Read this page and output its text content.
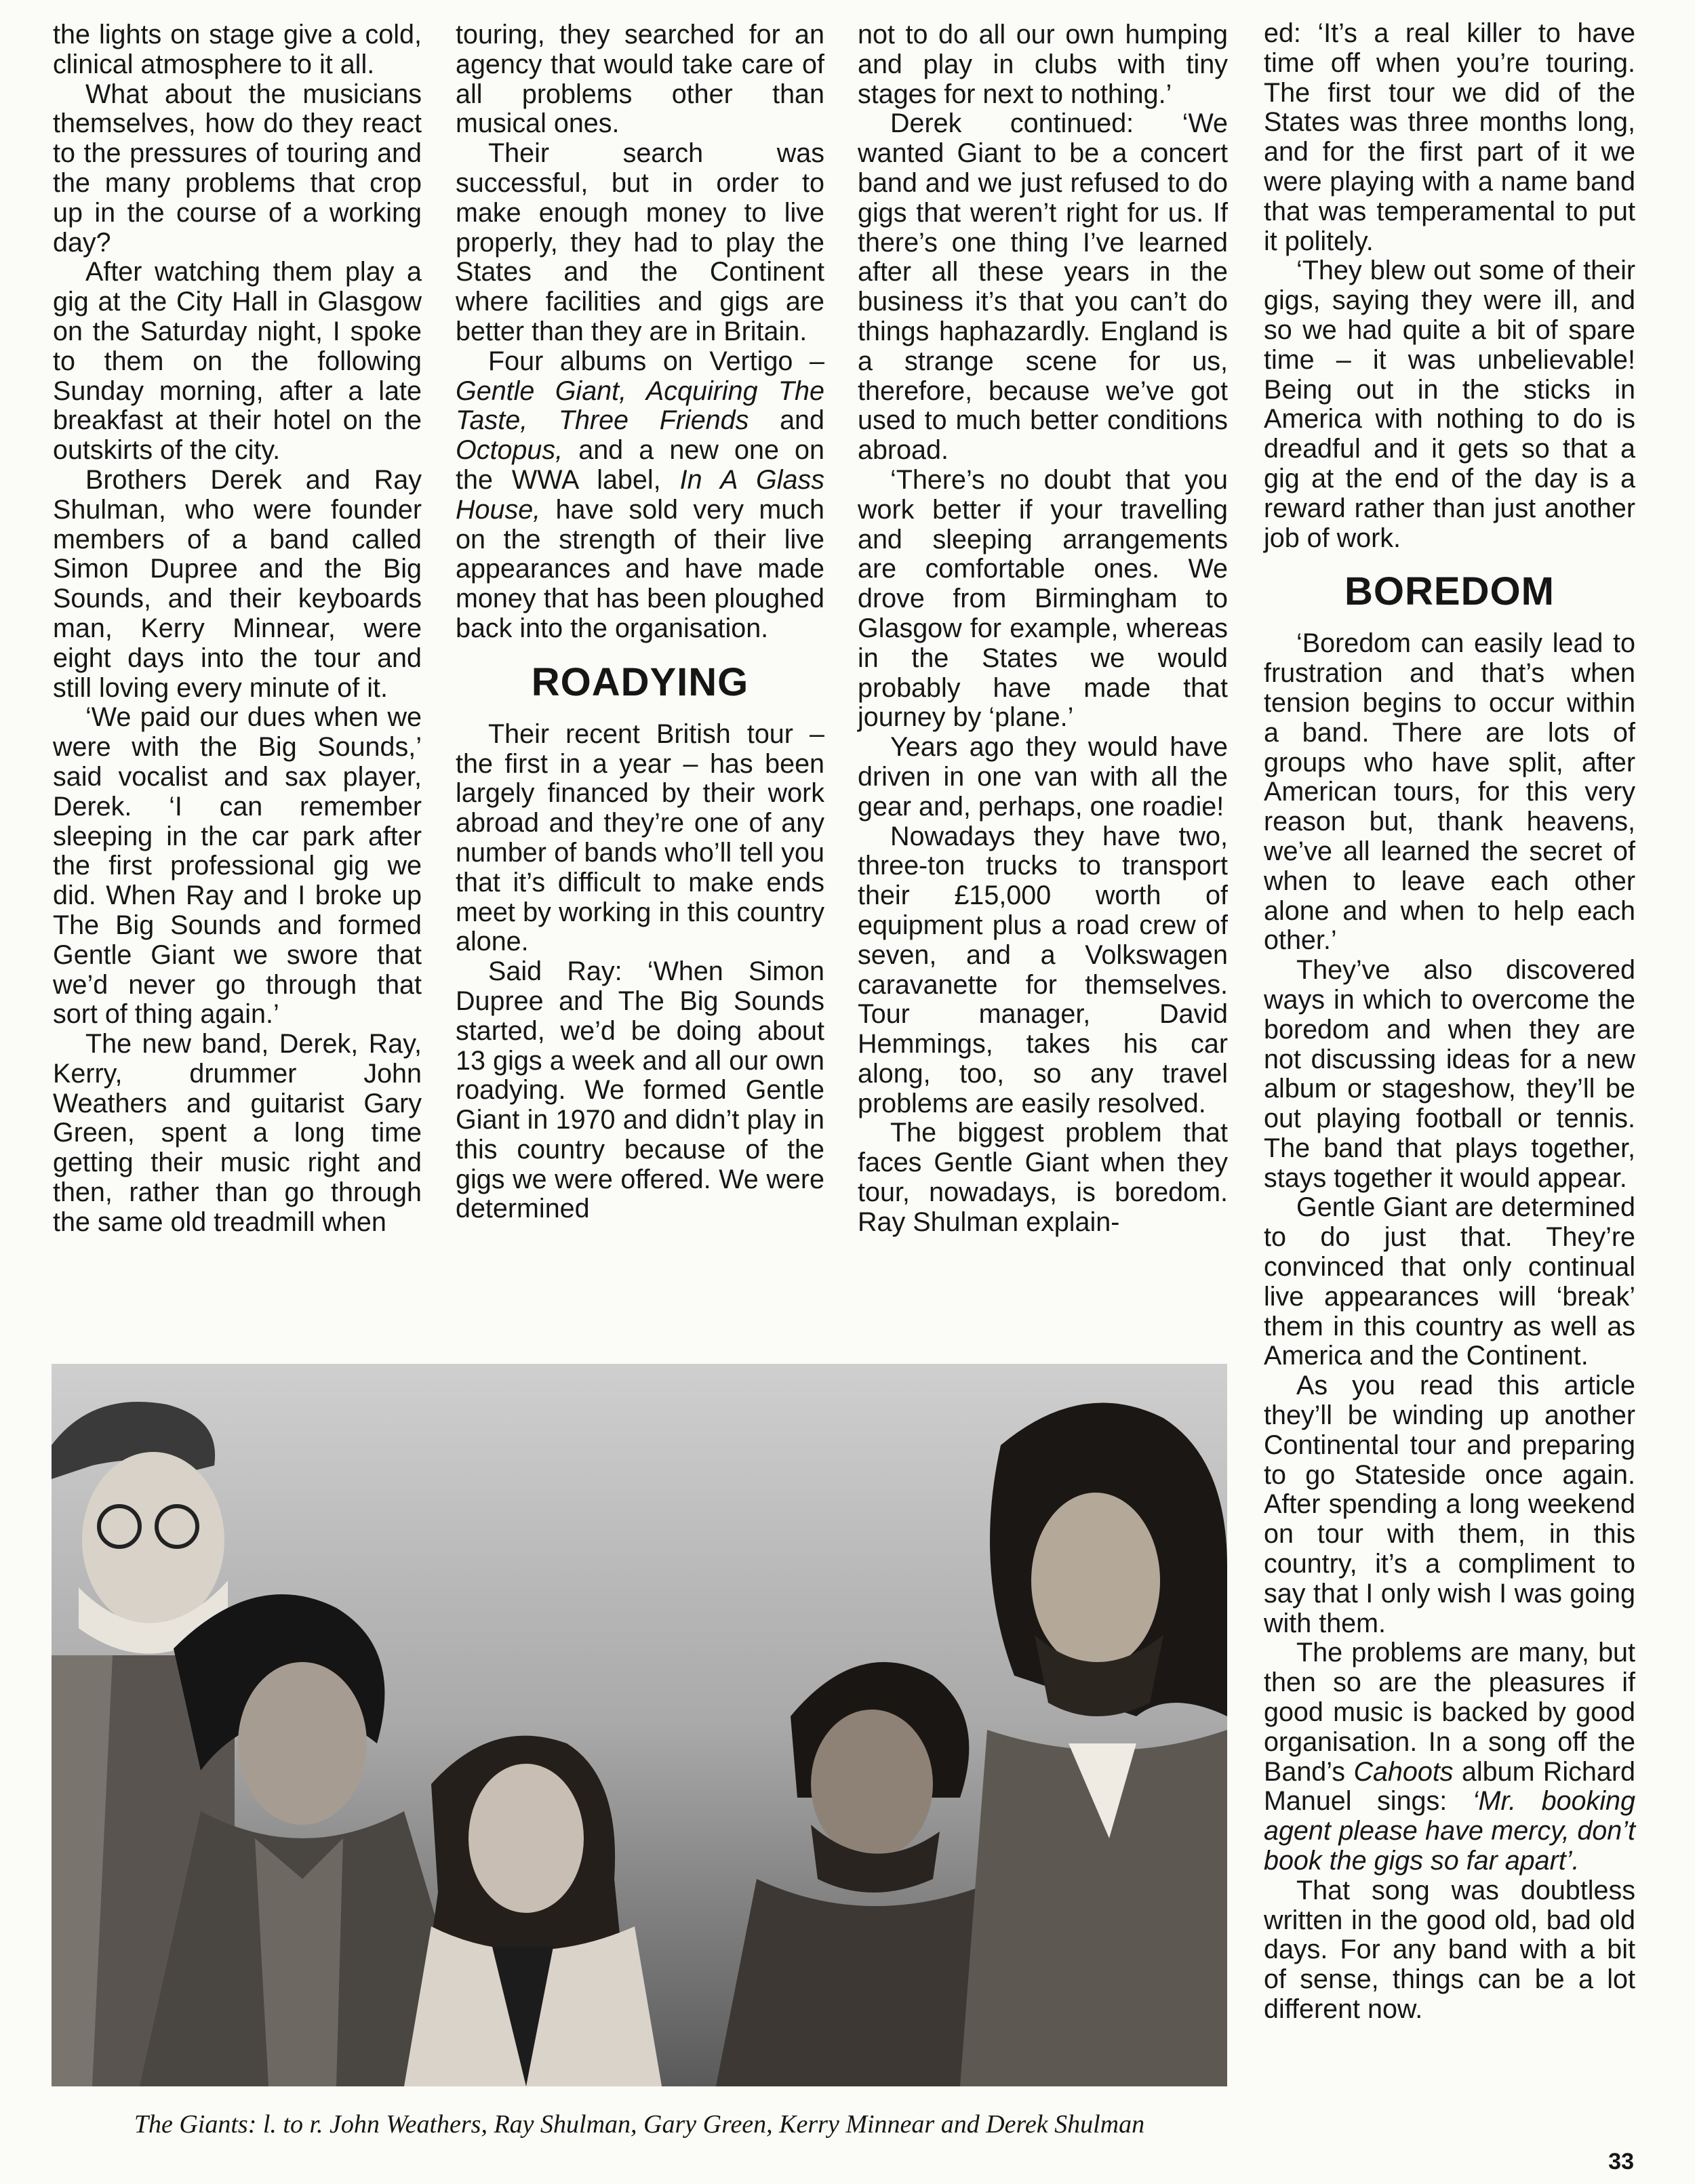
the lights on stage give a cold, clinical atmosphere to it all.

What about the musicians themselves, how do they react to the pressures of touring and the many problems that crop up in the course of a working day?

After watching them play a gig at the City Hall in Glasgow on the Saturday night, I spoke to them on the following Sunday morning, after a late breakfast at their hotel on the outskirts of the city.

Brothers Derek and Ray Shulman, who were founder members of a band called Simon Dupree and the Big Sounds, and their keyboards man, Kerry Minnear, were eight days into the tour and still loving every minute of it.

‘We paid our dues when we were with the Big Sounds,’ said vocalist and sax player, Derek. ‘I can remember sleeping in the car park after the first professional gig we did. When Ray and I broke up The Big Sounds and formed Gentle Giant we swore that we’d never go through that sort of thing again.’

The new band, Derek, Ray, Kerry, drummer John Weathers and guitarist Gary Green, spent a long time getting their music right and then, rather than go through the same old treadmill when

touring, they searched for an agency that would take care of all problems other than musical ones.

Their search was successful, but in order to make enough money to live properly, they had to play the States and the Continent where facilities and gigs are better than they are in Britain.

Four albums on Vertigo – Gentle Giant, Acquiring The Taste, Three Friends and Octopus, and a new one on the WWA label, In A Glass House, have sold very much on the strength of their live appearances and have made money that has been ploughed back into the organisation.

ROADYING

Their recent British tour – the first in a year – has been largely financed by their work abroad and they’re one of any number of bands who’ll tell you that it’s difficult to make ends meet by working in this country alone.

Said Ray: ‘When Simon Dupree and The Big Sounds started, we’d be doing about 13 gigs a week and all our own roadying. We formed Gentle Giant in 1970 and didn’t play in this country because of the gigs we were offered. We were determined

not to do all our own humping and play in clubs with tiny stages for next to nothing.’

Derek continued: ‘We wanted Giant to be a concert band and we just refused to do gigs that weren’t right for us. If there’s one thing I’ve learned after all these years in the business it’s that you can’t do things haphazardly. England is a strange scene for us, therefore, because we’ve got used to much better conditions abroad.

‘There’s no doubt that you work better if your travelling and sleeping arrangements are comfortable ones. We drove from Birmingham to Glasgow for example, whereas in the States we would probably have made that journey by ‘plane.’

Years ago they would have driven in one van with all the gear and, perhaps, one roadie!

Nowadays they have two, three-ton trucks to transport their £15,000 worth of equipment plus a road crew of seven, and a Volkswagen caravanette for themselves. Tour manager, David Hemmings, takes his car along, too, so any travel problems are easily resolved.

The biggest problem that faces Gentle Giant when they tour, nowadays, is boredom. Ray Shulman explain-

ed: ‘It’s a real killer to have time off when you’re touring. The first tour we did of the States was three months long, and for the first part of it we were playing with a name band that was temperamental to put it politely.

‘They blew out some of their gigs, saying they were ill, and so we had quite a bit of spare time – it was unbelievable! Being out in the sticks in America with nothing to do is dreadful and it gets so that a gig at the end of the day is a reward rather than just another job of work.

BOREDOM

‘Boredom can easily lead to frustration and that’s when tension begins to occur within a band. There are lots of groups who have split, after American tours, for this very reason but, thank heavens, we’ve all learned the secret of when to leave each other alone and when to help each other.’

They’ve also discovered ways in which to overcome the boredom and when they are not discussing ideas for a new album or stageshow, they’ll be out playing football or tennis. The band that plays together, stays together it would appear.

Gentle Giant are determined to do just that. They’re convinced that only continual live appearances will ‘break’ them in this country as well as America and the Continent.

As you read this article they’ll be winding up another Continental tour and preparing to go Stateside once again. After spending a long weekend on tour with them, in this country, it’s a compliment to say that I only wish I was going with them.

The problems are many, but then so are the pleasures if good music is backed by good organisation. In a song off the Band’s Cahoots album Richard Manuel sings: ‘Mr. booking agent please have mercy, don’t book the gigs so far apart’.

That song was doubtless written in the good old, bad old days. For any band with a bit of sense, things can be a lot different now.

The Giants: l. to r. John Weathers, Ray Shulman, Gary Green, Kerry Minnear and Derek Shulman
33
